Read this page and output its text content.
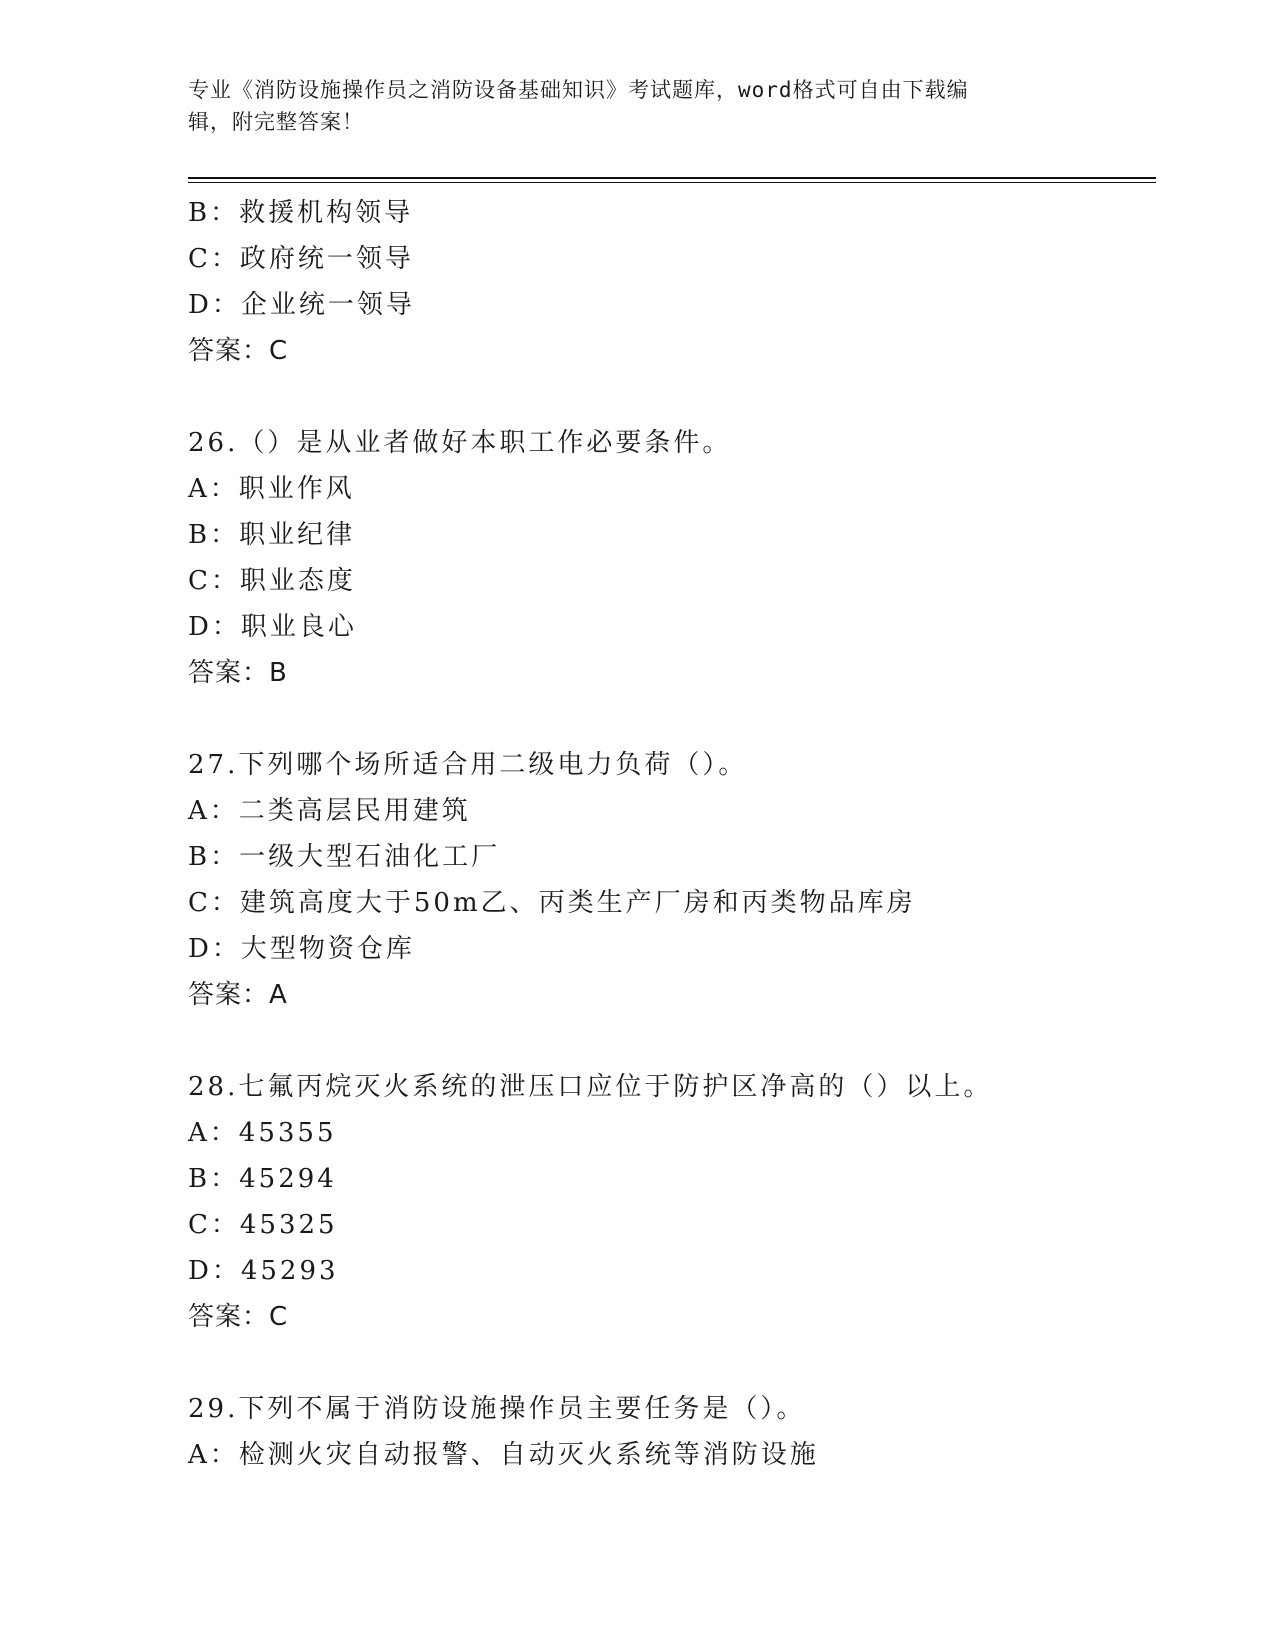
专业《消防设施操作员之消防设备基础知识》考试题库，word格式可自由下载编
辑，附完整答案！
B：救援机构领导
C：政府统一领导
D：企业统一领导
答案：C
26.（）是从业者做好本职工作必要条件。
A：职业作风
B：职业纪律
C：职业态度
D：职业良心
答案：B
27.下列哪个场所适合用二级电力负荷（）。
A：二类高层民用建筑
B：一级大型石油化工厂
C：建筑高度大于50m乙、丙类生产厂房和丙类物品库房
D：大型物资仓库
答案：A
28.七氟丙烷灭火系统的泄压口应位于防护区净高的（）以上。
A：45355
B：45294
C：45325
D：45293
答案：C
29.下列不属于消防设施操作员主要任务是（）。
A：检测火灾自动报警、自动灭火系统等消防设施
